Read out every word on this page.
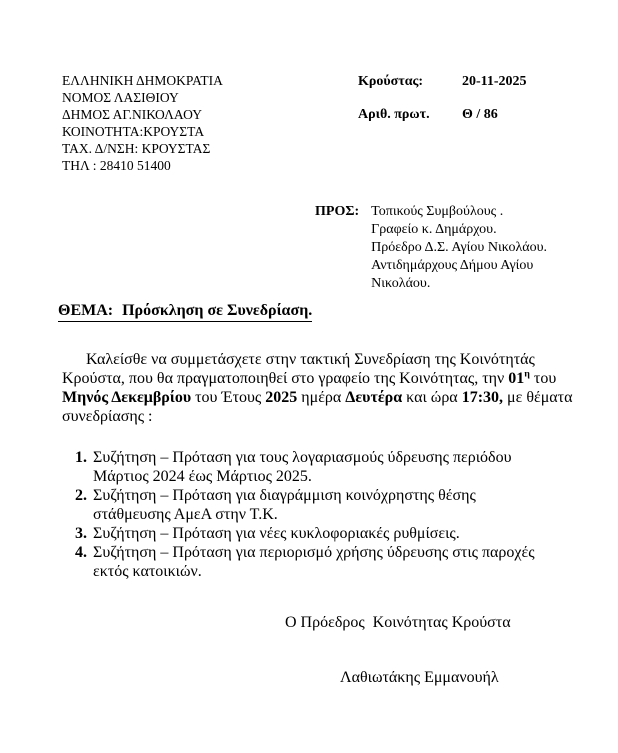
ΕΛΛΗΝΙΚΗ ΔΗΜΟΚΡΑΤΙΑ
ΝΟΜΟΣ ΛΑΣΙΘΙΟΥ
ΔΗΜΟΣ ΑΓ.ΝΙΚΟΛΑΟΥ
ΚΟΙΝΟΤΗΤΑ:ΚΡΟΥΣΤΑ
ΤΑΧ. Δ/ΝΣΗ: ΚΡΟΥΣΤΑΣ
ΤΗΛ : 28410 51400
Κρούστας:	20-11-2025
Αριθ. πρωτ.	Θ / 86
ΠΡΟΣ: Τοπικούς Συμβούλους .
Γραφείο κ. Δημάρχου.
Πρόεδρο Δ.Σ. Αγίου Νικολάου.
Αντιδημάρχους Δήμου Αγίου Νικολάου.
ΘΕΜΑ: Πρόσκληση σε Συνεδρίαση.
Καλείσθε να συμμετάσχετε στην τακτική Συνεδρίαση της Κοινότητάς Κρούστα, που θα πραγματοποιηθεί στο γραφείο της Κοινότητας, την $01^\eta$ του Μηνός Δεκεμβρίου του Έτους 2025 ημέρα Δευτέρα και ώρα 17:30, με θέματα συνεδρίασης :
1. Συζήτηση – Πρόταση για τους λογαριασμούς ύδρευσης περιόδου Μάρτιος 2024 έως Μάρτιος 2025.
2. Συζήτηση – Πρόταση για διαγράμμιση κοινόχρηστης θέσης στάθμευσης ΑμεΑ στην Τ.Κ.
3. Συζήτηση – Πρόταση για νέες κυκλοφοριακές ρυθμίσεις.
4. Συζήτηση – Πρόταση για περιορισμό χρήσης ύδρευσης στις παροχές εκτός κατοικιών.
Ο Πρόεδρος  Κοινότητας Κρούστα
Λαθιωτάκης Εμμανουήλ
